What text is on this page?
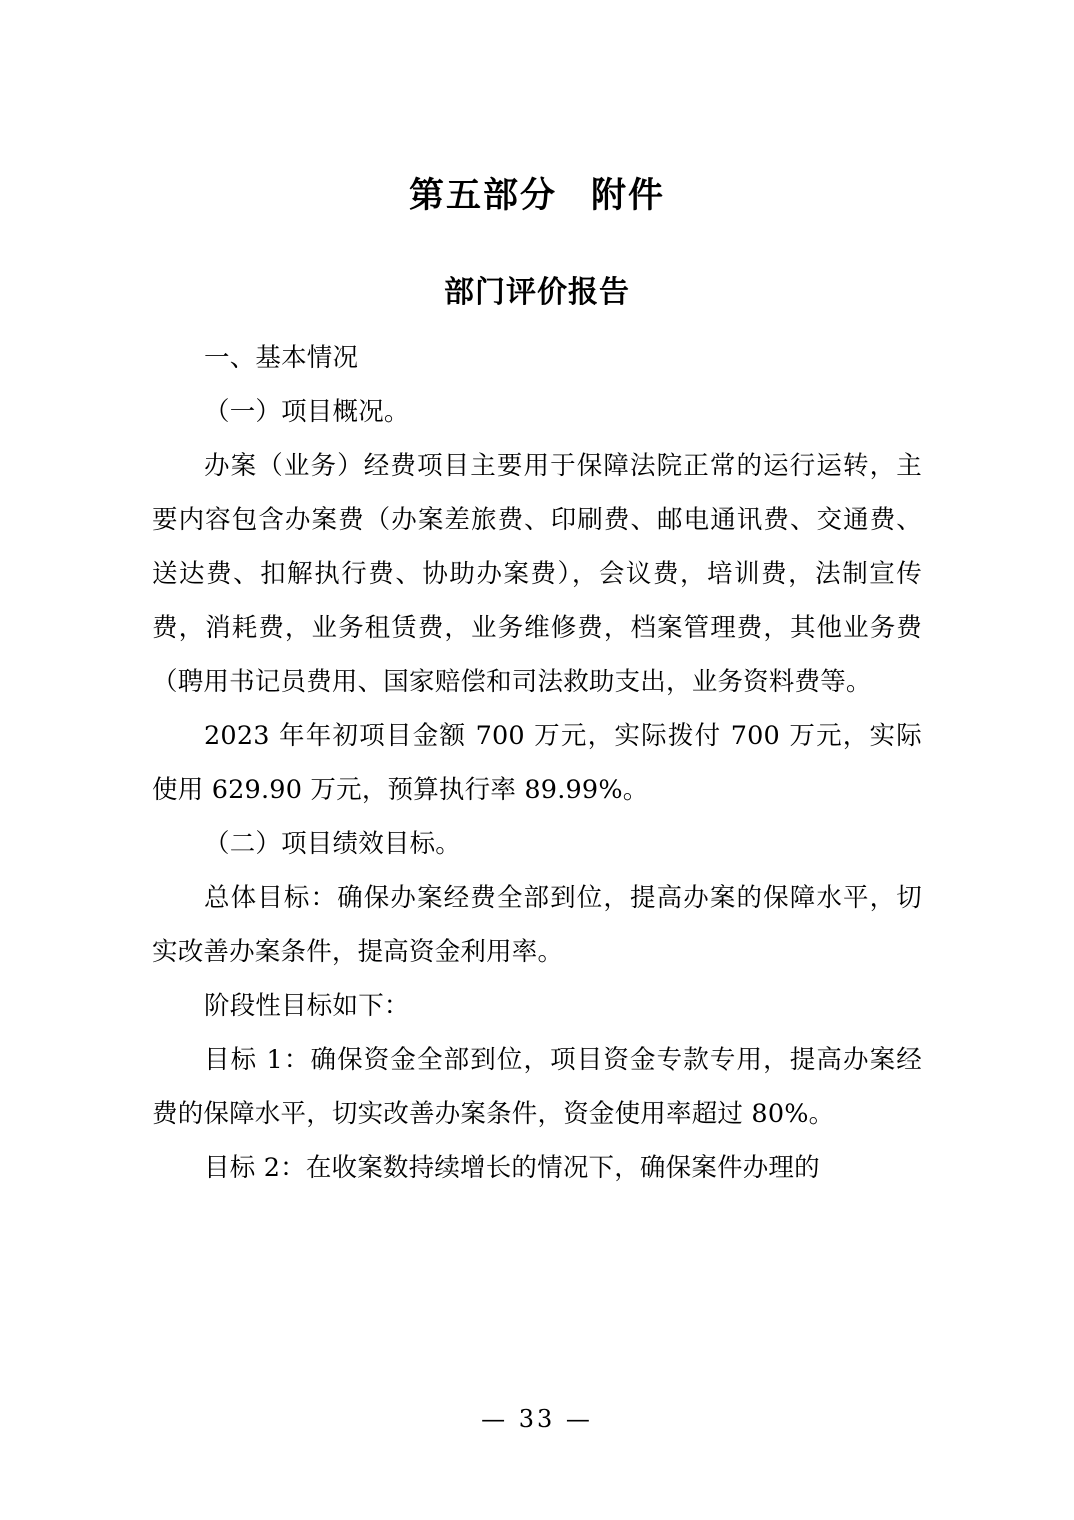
第五部分 附件
部门评价报告

一、基本情况

（一）项目概况。

办案（业务）经费项目主要用于保障法院正常的运行运转，主要内容包含办案费（办案差旅费、印刷费、邮电通讯费、交通费、送达费、扣解执行费、协助办案费），会议费，培训费，法制宣传费，消耗费，业务租赁费，业务维修费，档案管理费，其他业务费（聘用书记员费用、国家赔偿和司法救助支出，业务资料费等。

2023 年年初项目金额 700 万元，实际拨付 700 万元，实际使用 629.90 万元，预算执行率 89.99%。

（二）项目绩效目标。

总体目标：确保办案经费全部到位，提高办案的保障水平，切实改善办案条件，提高资金利用率。

阶段性目标如下：

目标 1：确保资金全部到位，项目资金专款专用，提高办案经费的保障水平，切实改善办案条件，资金使用率超过 80%。

目标 2：在收案数持续增长的情况下，确保案件办理的

— 33 —
